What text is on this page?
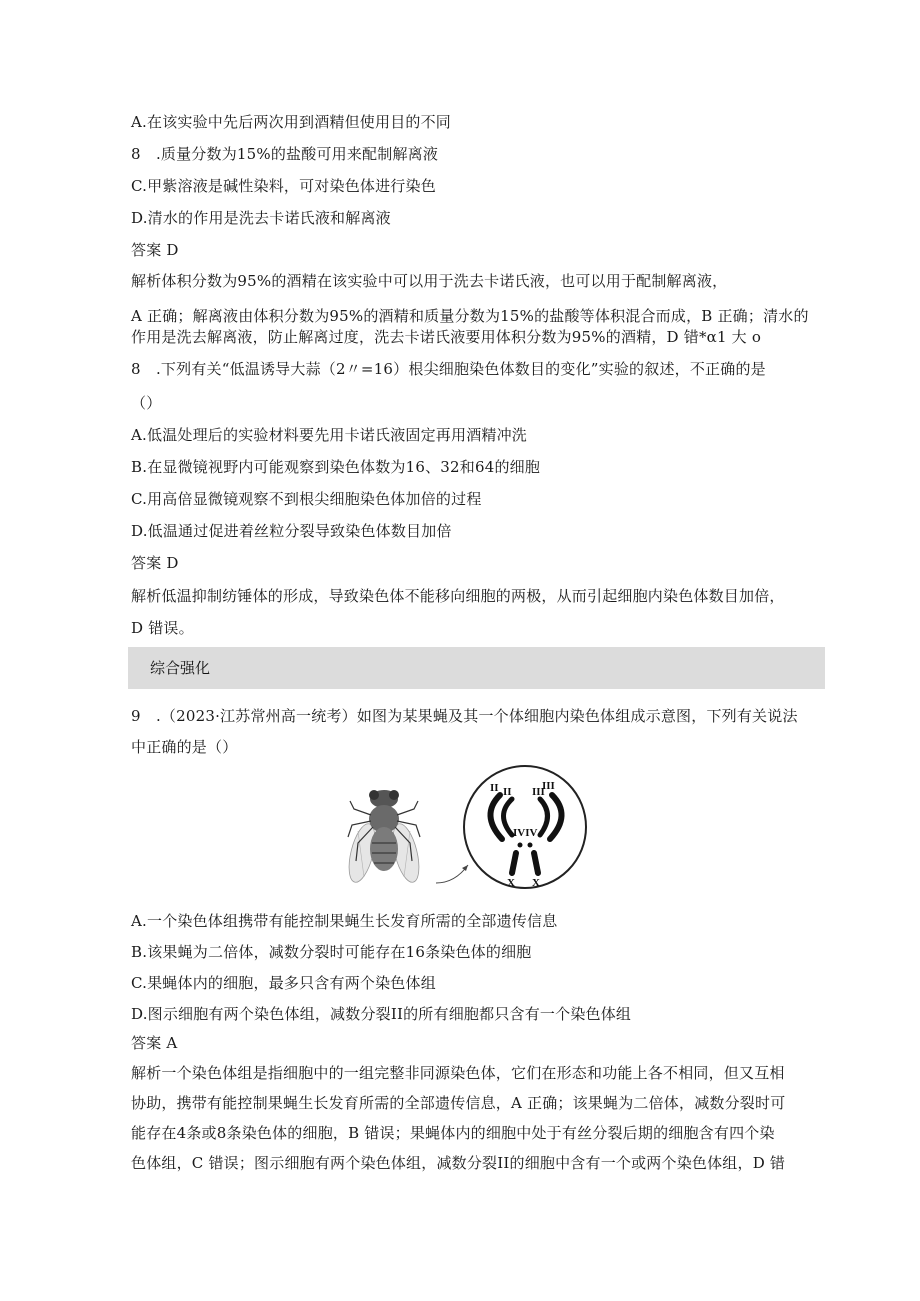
A.在该实验中先后两次用到酒精但使用目的不同
8　.质量分数为15%的盐酸可用来配制解离液
C.甲紫溶液是碱性染料，可对染色体进行染色
D.清水的作用是洗去卡诺氏液和解离液
答案 D
解析体积分数为95%的酒精在该实验中可以用于洗去卡诺氏液，也可以用于配制解离液，
A 正确；解离液由体积分数为95%的酒精和质量分数为15%的盐酸等体积混合而成，B 正确；清水的
作用是洗去解离液，防止解离过度，洗去卡诺氏液要用体积分数为95%的酒精，D 错*α1 大 o
8　.下列有关“低温诱导大蒜（2〃=16）根尖细胞染色体数目的变化”实验的叙述，不正确的是
（）
A.低温处理后的实验材料要先用卡诺氏液固定再用酒精冲洗
B.在显微镜视野内可能观察到染色体数为16、32和64的细胞
C.用高倍显微镜观察不到根尖细胞染色体加倍的过程
D.低温通过促进着丝粒分裂导致染色体数目加倍
答案 D
解析低温抑制纺锤体的形成，导致染色体不能移向细胞的两极，从而引起细胞内染色体数目加倍，
D 错误。
综合强化
9　.（2023·江苏常州高一统考）如图为某果蝇及其一个体细胞内染色体组成示意图，下列有关说法
中正确的是（）
II II III
III
IVIV
X X
A.一个染色体组携带有能控制果蝇生长发育所需的全部遗传信息
B.该果蝇为二倍体，减数分裂时可能存在16条染色体的细胞
C.果蝇体内的细胞，最多只含有两个染色体组
D.图示细胞有两个染色体组，减数分裂II的所有细胞都只含有一个染色体组
答案 A
解析一个染色体组是指细胞中的一组完整非同源染色体，它们在形态和功能上各不相同，但又互相
协助，携带有能控制果蝇生长发育所需的全部遗传信息，A 正确；该果蝇为二倍体，减数分裂时可
能存在4条或8条染色体的细胞，B 错误；果蝇体内的细胞中处于有丝分裂后期的细胞含有四个染
色体组，C 错误；图示细胞有两个染色体组，减数分裂II的细胞中含有一个或两个染色体组，D 错
